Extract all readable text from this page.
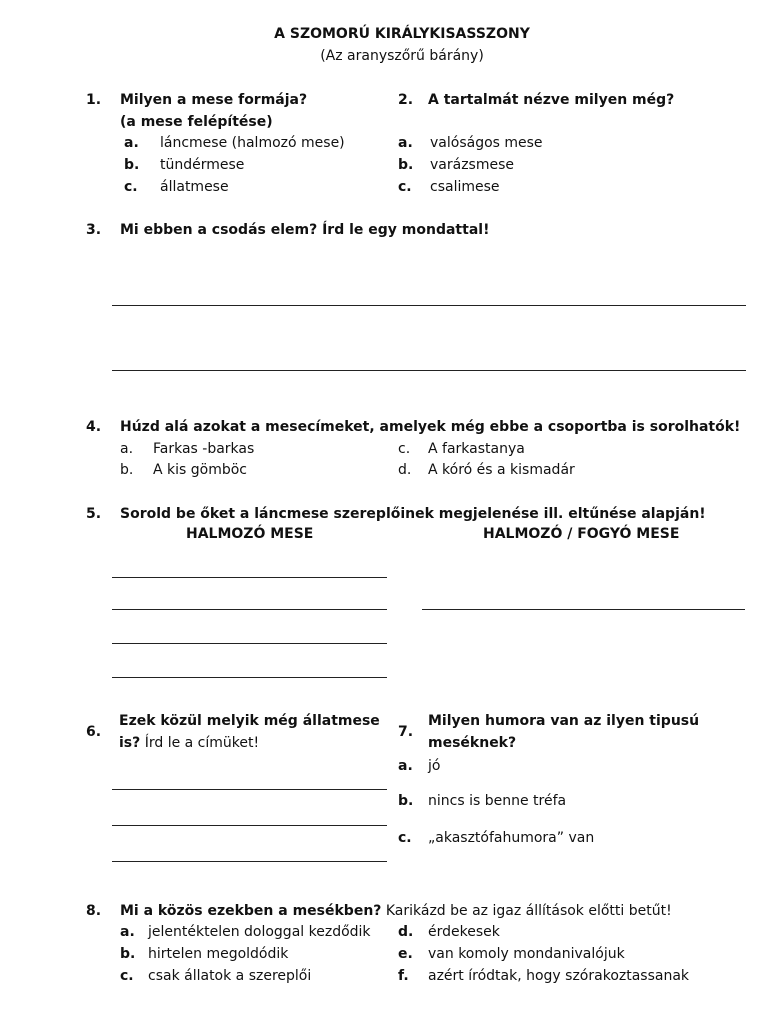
A SZOMORÚ KIRÁLYKISASSZONY
(Az aranyszőrű bárány)
1. Milyen a mese formája?
(a mese felépítése)
a. láncmese (halmozó mese)
b. tündérmese
c. állatmese
2. A tartalmát nézve milyen még?
a. valóságos mese
b. varázsmese
c. csalimese
3. Mi ebben a csodás elem? Írd le egy mondattal!
4. Húzd alá azokat a mesecímeket, amelyek még ebbe a csoportba is sorolhatók!
a. Farkas -barkas
b. A kis gömböc
c. A farkastanya
d. A kóró és a kismadár
5. Sorold be őket a láncmese szereplőinek megjelenése ill. eltűnése alapján!
HALMOZÓ MESE	HALMOZÓ / FOGYÓ MESE
6.
Ezek közül melyik még állatmese
is? Írd le a címüket!
7.
Milyen humora van az ilyen tipusú
meséknek?
a. jó
b. nincs is benne tréfa
c. „akasztófahumora” van
8. Mi a közös ezekben a mesékben? Karikázd be az igaz állítások előtti betűt!
a. jelentéktelen dologgal kezdődik
b. hirtelen megoldódik
c. csak állatok a szereplői
d. érdekesek
e. van komoly mondanivalójuk
f. azért íródtak, hogy szórakoztassanak
